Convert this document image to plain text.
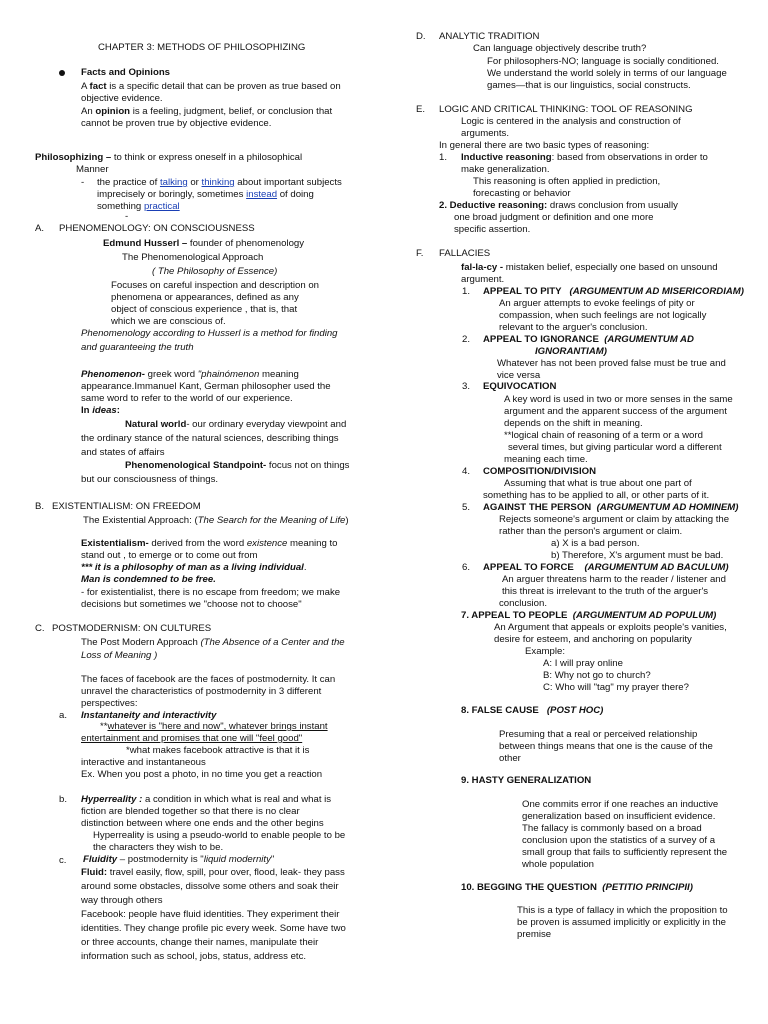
CHAPTER 3: METHODS OF PHILOSOPHIZING
Facts and Opinions
A fact is a specific detail that can be proven as true based on
objective evidence.
An opinion is a feeling, judgment, belief, or conclusion that
cannot be proven true by objective evidence.
Philosophizing – to think or express oneself in a philosophical
Manner
- the practice of talking or thinking about important subjects
imprecisely or boringly, sometimes instead of doing
something practical
-
A. PHENOMENOLOGY: ON CONSCIOUSNESS
Edmund Husserl – founder of phenomenology
The Phenomenological Approach
( The Philosophy of Essence)
Focuses on careful inspection and description on
phenomena or appearances, defined as any
object of conscious experience , that is, that
which we are conscious of.
Phenomenology according to Husserl is a method for finding
and guaranteeing the truth
Phenomenon- greek word "phainómenon meaning
appearance.Immanuel Kant, German philosopher used the
same word to refer to the world of our experience.
In ideas:
Natural world- our ordinary everyday viewpoint and
the ordinary stance of the natural sciences, describing things
and states of affairs
Phenomenological Standpoint- focus not on things
but our consciousness of things.
B. EXISTENTIALISM: ON FREEDOM
The Existential Approach: (The Search for the Meaning of Life)
Existentialism- derived from the word existence meaning to
stand out , to emerge or to come out from
*** it is a philosophy of man as a living individual.
Man is condemned to be free.
- for existentialist, there is no escape from freedom; we make
decisions but sometimes we "choose not to choose"
C. POSTMODERNISM: ON CULTURES
The Post Modern Approach (The Absence of a Center and the
Loss of Meaning )
The faces of facebook are the faces of postmodernity. It can
unravel the characteristics of postmodernity in 3 different
perspectives:
a. Instantaneity and interactivity
**whatever is "here and now", whatever brings instant
entertainment and promises that one will "feel good"
*what makes facebook attractive is that it is
interactive and instantaneous
Ex. When you post a photo, in no time you get a reaction
b. Hyperreality : a condition in which what is real and what is
fiction are blended together so that there is no clear
distinction between where one ends and the other begins
Hyperreality is using a pseudo-world to enable people to be
the characters they wish to be.
c. Fluidity – postmodernity is "liquid modernity"
Fluid: travel easily, flow, spill, pour over, flood, leak- they pass
around some obstacles, dissolve some others and soak their
way through others
Facebook: people have fluid identities. They experiment their
identities. They change profile pic every week. Some have two
or three accounts, change their names, manipulate their
information such as school, jobs, status, address etc.
D. ANALYTIC TRADITION
Can language objectively describe truth?
For philosophers-NO; language is socially conditioned.
We understand the world solely in terms of our language
games—that is our linguistics, social constructs.
E. LOGIC AND CRITICAL THINKING: TOOL OF REASONING
Logic is centered in the analysis and construction of
arguments.
In general there are two basic types of reasoning:
1. Inductive reasoning: based from observations in order to
make generalization.
This reasoning is often applied in prediction,
forecasting or behavior
2. Deductive reasoning: draws conclusion from usually
one broad judgment or definition and one more
specific assertion.
F. FALLACIES
fal-la-cy - mistaken belief, especially one based on unsound
argument.
1. APPEAL TO PITY (ARGUMENTUM AD MISERICORDIAM)
An arguer attempts to evoke feelings of pity or
compassion, when such feelings are not logically
relevant to the arguer's conclusion.
2. APPEAL TO IGNORANCE (ARGUMENTUM AD
IGNORANTIAM)
Whatever has not been proved false must be true and
vice versa
3. EQUIVOCATION
A key word is used in two or more senses in the same
argument and the apparent success of the argument
depends on the shift in meaning.
**logical chain of reasoning of a term or a word
several times, but giving particular word a different
meaning each time.
4. COMPOSITION/DIVISION
Assuming that what is true about one part of
something has to be applied to all, or other parts of it.
5. AGAINST THE PERSON (ARGUMENTUM AD HOMINEM)
Rejects someone's argument or claim by attacking the
rather than the person's argument or claim.
a) X is a bad person.
b) Therefore, X's argument must be bad.
6. APPEAL TO FORCE (ARGUMENTUM AD BACULUM)
An arguer threatens harm to the reader / listener and
this threat is irrelevant to the truth of the arguer's
conclusion.
7. APPEAL TO PEOPLE (ARGUMENTUM AD POPULUM)
An Argument that appeals or exploits people's vanities,
desire for esteem, and anchoring on popularity
Example:
A: I will pray online
B: Why not go to church?
C: Who will "tag" my prayer there?
8. FALSE CAUSE (POST HOC)
Presuming that a real or perceived relationship
between things means that one is the cause of the
other
9. HASTY GENERALIZATION
One commits error if one reaches an inductive
generalization based on insufficient evidence.
The fallacy is commonly based on a broad
conclusion upon the statistics of a survey of a
small group that fails to sufficiently represent the
whole population
10. BEGGING THE QUESTION (PETITIO PRINCIPII)
This is a type of fallacy in which the proposition to
be proven is assumed implicitly or explicitly in the
premise
